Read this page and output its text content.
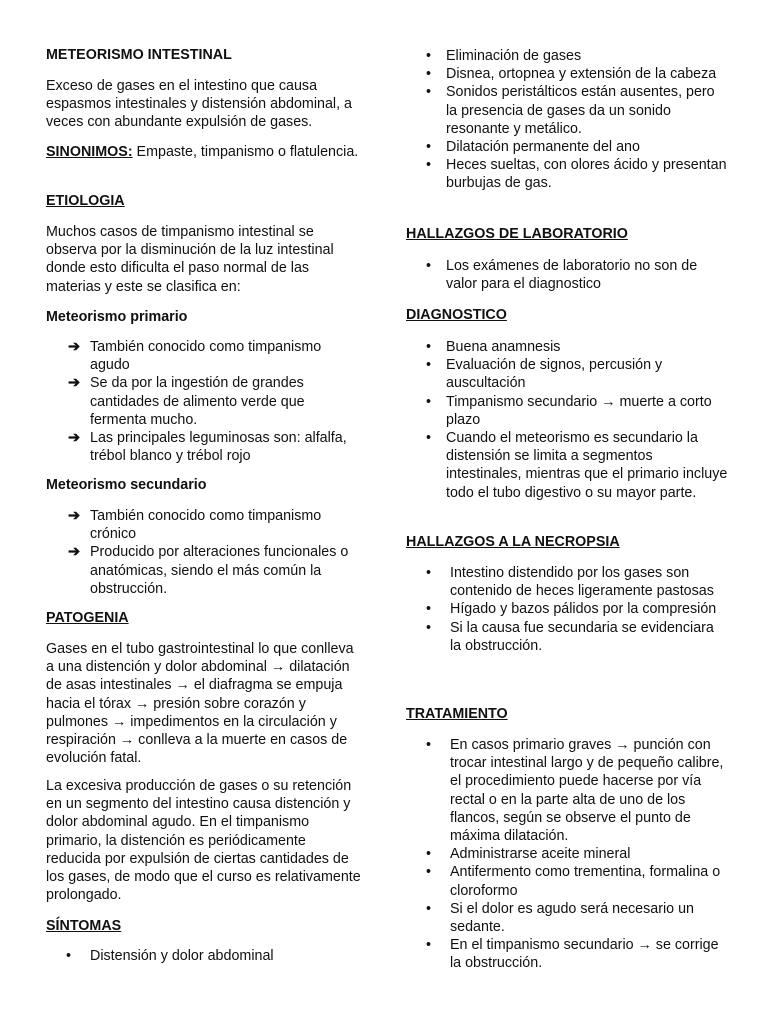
METEORISMO INTESTINAL

Exceso de gases en el intestino que causa espasmos intestinales y distensión abdominal, a veces con abundante expulsión de gases.

SINONIMOS: Empaste, timpanismo o flatulencia.

ETIOLOGIA

Muchos casos de timpanismo intestinal se observa por la disminución de la luz intestinal donde esto dificulta el paso normal de las materias y este se clasifica en:

Meteorismo primario
➔ También conocido como timpanismo agudo
➔ Se da por la ingestión de grandes cantidades de alimento verde que fermenta mucho.
➔ Las principales leguminosas son: alfalfa, trébol blanco y trébol rojo
Meteorismo secundario
➔ También conocido como timpanismo crónico
➔ Producido por alteraciones funcionales o anatómicas, siendo el más común la obstrucción.
PATOGENIA

Gases en el tubo gastrointestinal lo que conlleva a una distención y dolor abdominal → dilatación de asas intestinales → el diafragma se empuja hacia el tórax → presión sobre corazón y pulmones → impedimentos en la circulación y respiración → conlleva a la muerte en casos de evolución fatal.

La excesiva producción de gases o su retención en un segmento del intestino causa distención y dolor abdominal agudo. En el timpanismo primario, la distención es periódicamente reducida por expulsión de ciertas cantidades de los gases, de modo que el curso es relativamente prolongado.

SÍNTOMAS
• Distensión y dolor abdominal
• Eliminación de gases
• Disnea, ortopnea y extensión de la cabeza
• Sonidos peristálticos están ausentes, pero la presencia de gases da un sonido resonante y metálico.
• Dilatación permanente del ano
• Heces sueltas, con olores ácido y presentan burbujas de gas.
HALLAZGOS DE LABORATORIO
• Los exámenes de laboratorio no son de valor para el diagnostico
DIAGNOSTICO
• Buena anamnesis
• Evaluación de signos, percusión y auscultación
• Timpanismo secundario → muerte a corto plazo
• Cuando el meteorismo es secundario la distensión se limita a segmentos intestinales, mientras que el primario incluye todo el tubo digestivo o su mayor parte.
HALLAZGOS A LA NECROPSIA
• Intestino distendido por los gases son contenido de heces ligeramente pastosas
• Hígado y bazos pálidos por la compresión
• Si la causa fue secundaria se evidenciara la obstrucción.
TRATAMIENTO
• En casos primario graves → punción con trocar intestinal largo y de pequeño calibre, el procedimiento puede hacerse por vía rectal o en la parte alta de uno de los flancos, según se observe el punto de máxima dilatación.
• Administrarse aceite mineral
• Antifermento como trementina, formalina o cloroformo
• Si el dolor es agudo será necesario un sedante.
• En el timpanismo secundario → se corrige la obstrucción.
